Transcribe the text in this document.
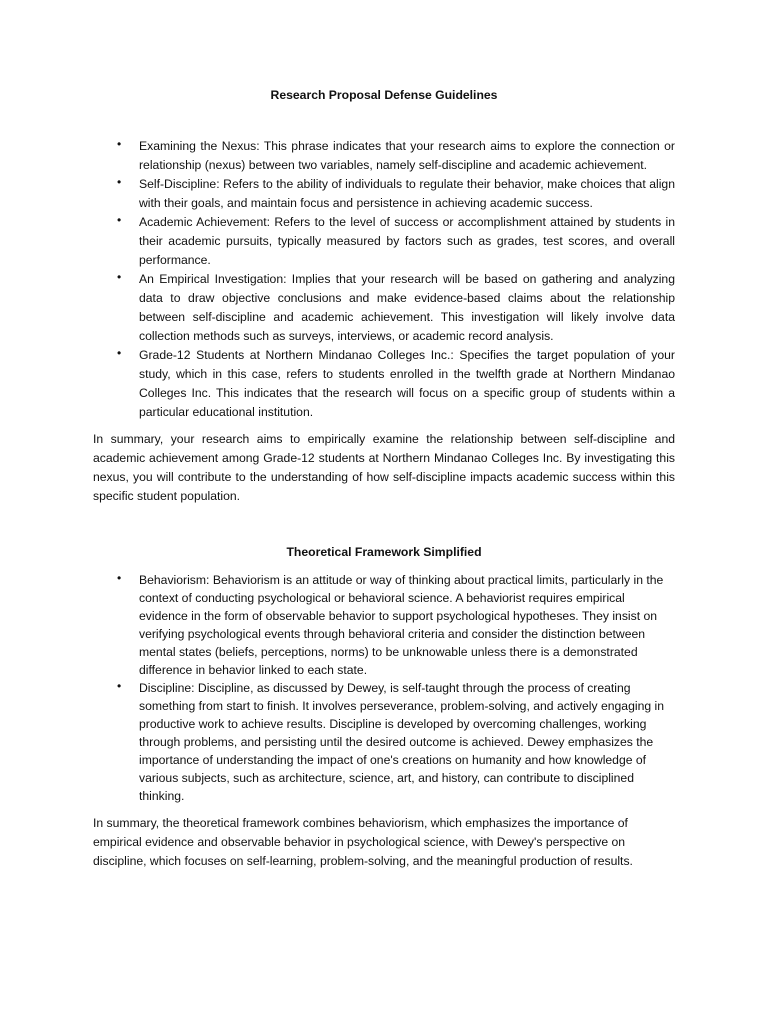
Research Proposal Defense Guidelines
• Examining the Nexus: This phrase indicates that your research aims to explore the connection or relationship (nexus) between two variables, namely self-discipline and academic achievement.
• Self-Discipline: Refers to the ability of individuals to regulate their behavior, make choices that align with their goals, and maintain focus and persistence in achieving academic success.
• Academic Achievement: Refers to the level of success or accomplishment attained by students in their academic pursuits, typically measured by factors such as grades, test scores, and overall performance.
• An Empirical Investigation: Implies that your research will be based on gathering and analyzing data to draw objective conclusions and make evidence-based claims about the relationship between self-discipline and academic achievement. This investigation will likely involve data collection methods such as surveys, interviews, or academic record analysis.
• Grade-12 Students at Northern Mindanao Colleges Inc.: Specifies the target population of your study, which in this case, refers to students enrolled in the twelfth grade at Northern Mindanao Colleges Inc. This indicates that the research will focus on a specific group of students within a particular educational institution.

In summary, your research aims to empirically examine the relationship between self-discipline and academic achievement among Grade-12 students at Northern Mindanao Colleges Inc. By investigating this nexus, you will contribute to the understanding of how self-discipline impacts academic success within this specific student population.

Theoretical Framework Simplified
• Behaviorism: Behaviorism is an attitude or way of thinking about practical limits, particularly in the context of conducting psychological or behavioral science. A behaviorist requires empirical evidence in the form of observable behavior to support psychological hypotheses. They insist on verifying psychological events through behavioral criteria and consider the distinction between mental states (beliefs, perceptions, norms) to be unknowable unless there is a demonstrated difference in behavior linked to each state.
• Discipline: Discipline, as discussed by Dewey, is self-taught through the process of creating something from start to finish. It involves perseverance, problem-solving, and actively engaging in productive work to achieve results. Discipline is developed by overcoming challenges, working through problems, and persisting until the desired outcome is achieved. Dewey emphasizes the importance of understanding the impact of one's creations on humanity and how knowledge of various subjects, such as architecture, science, art, and history, can contribute to disciplined thinking.

In summary, the theoretical framework combines behaviorism, which emphasizes the importance of empirical evidence and observable behavior in psychological science, with Dewey's perspective on discipline, which focuses on self-learning, problem-solving, and the meaningful production of results.
